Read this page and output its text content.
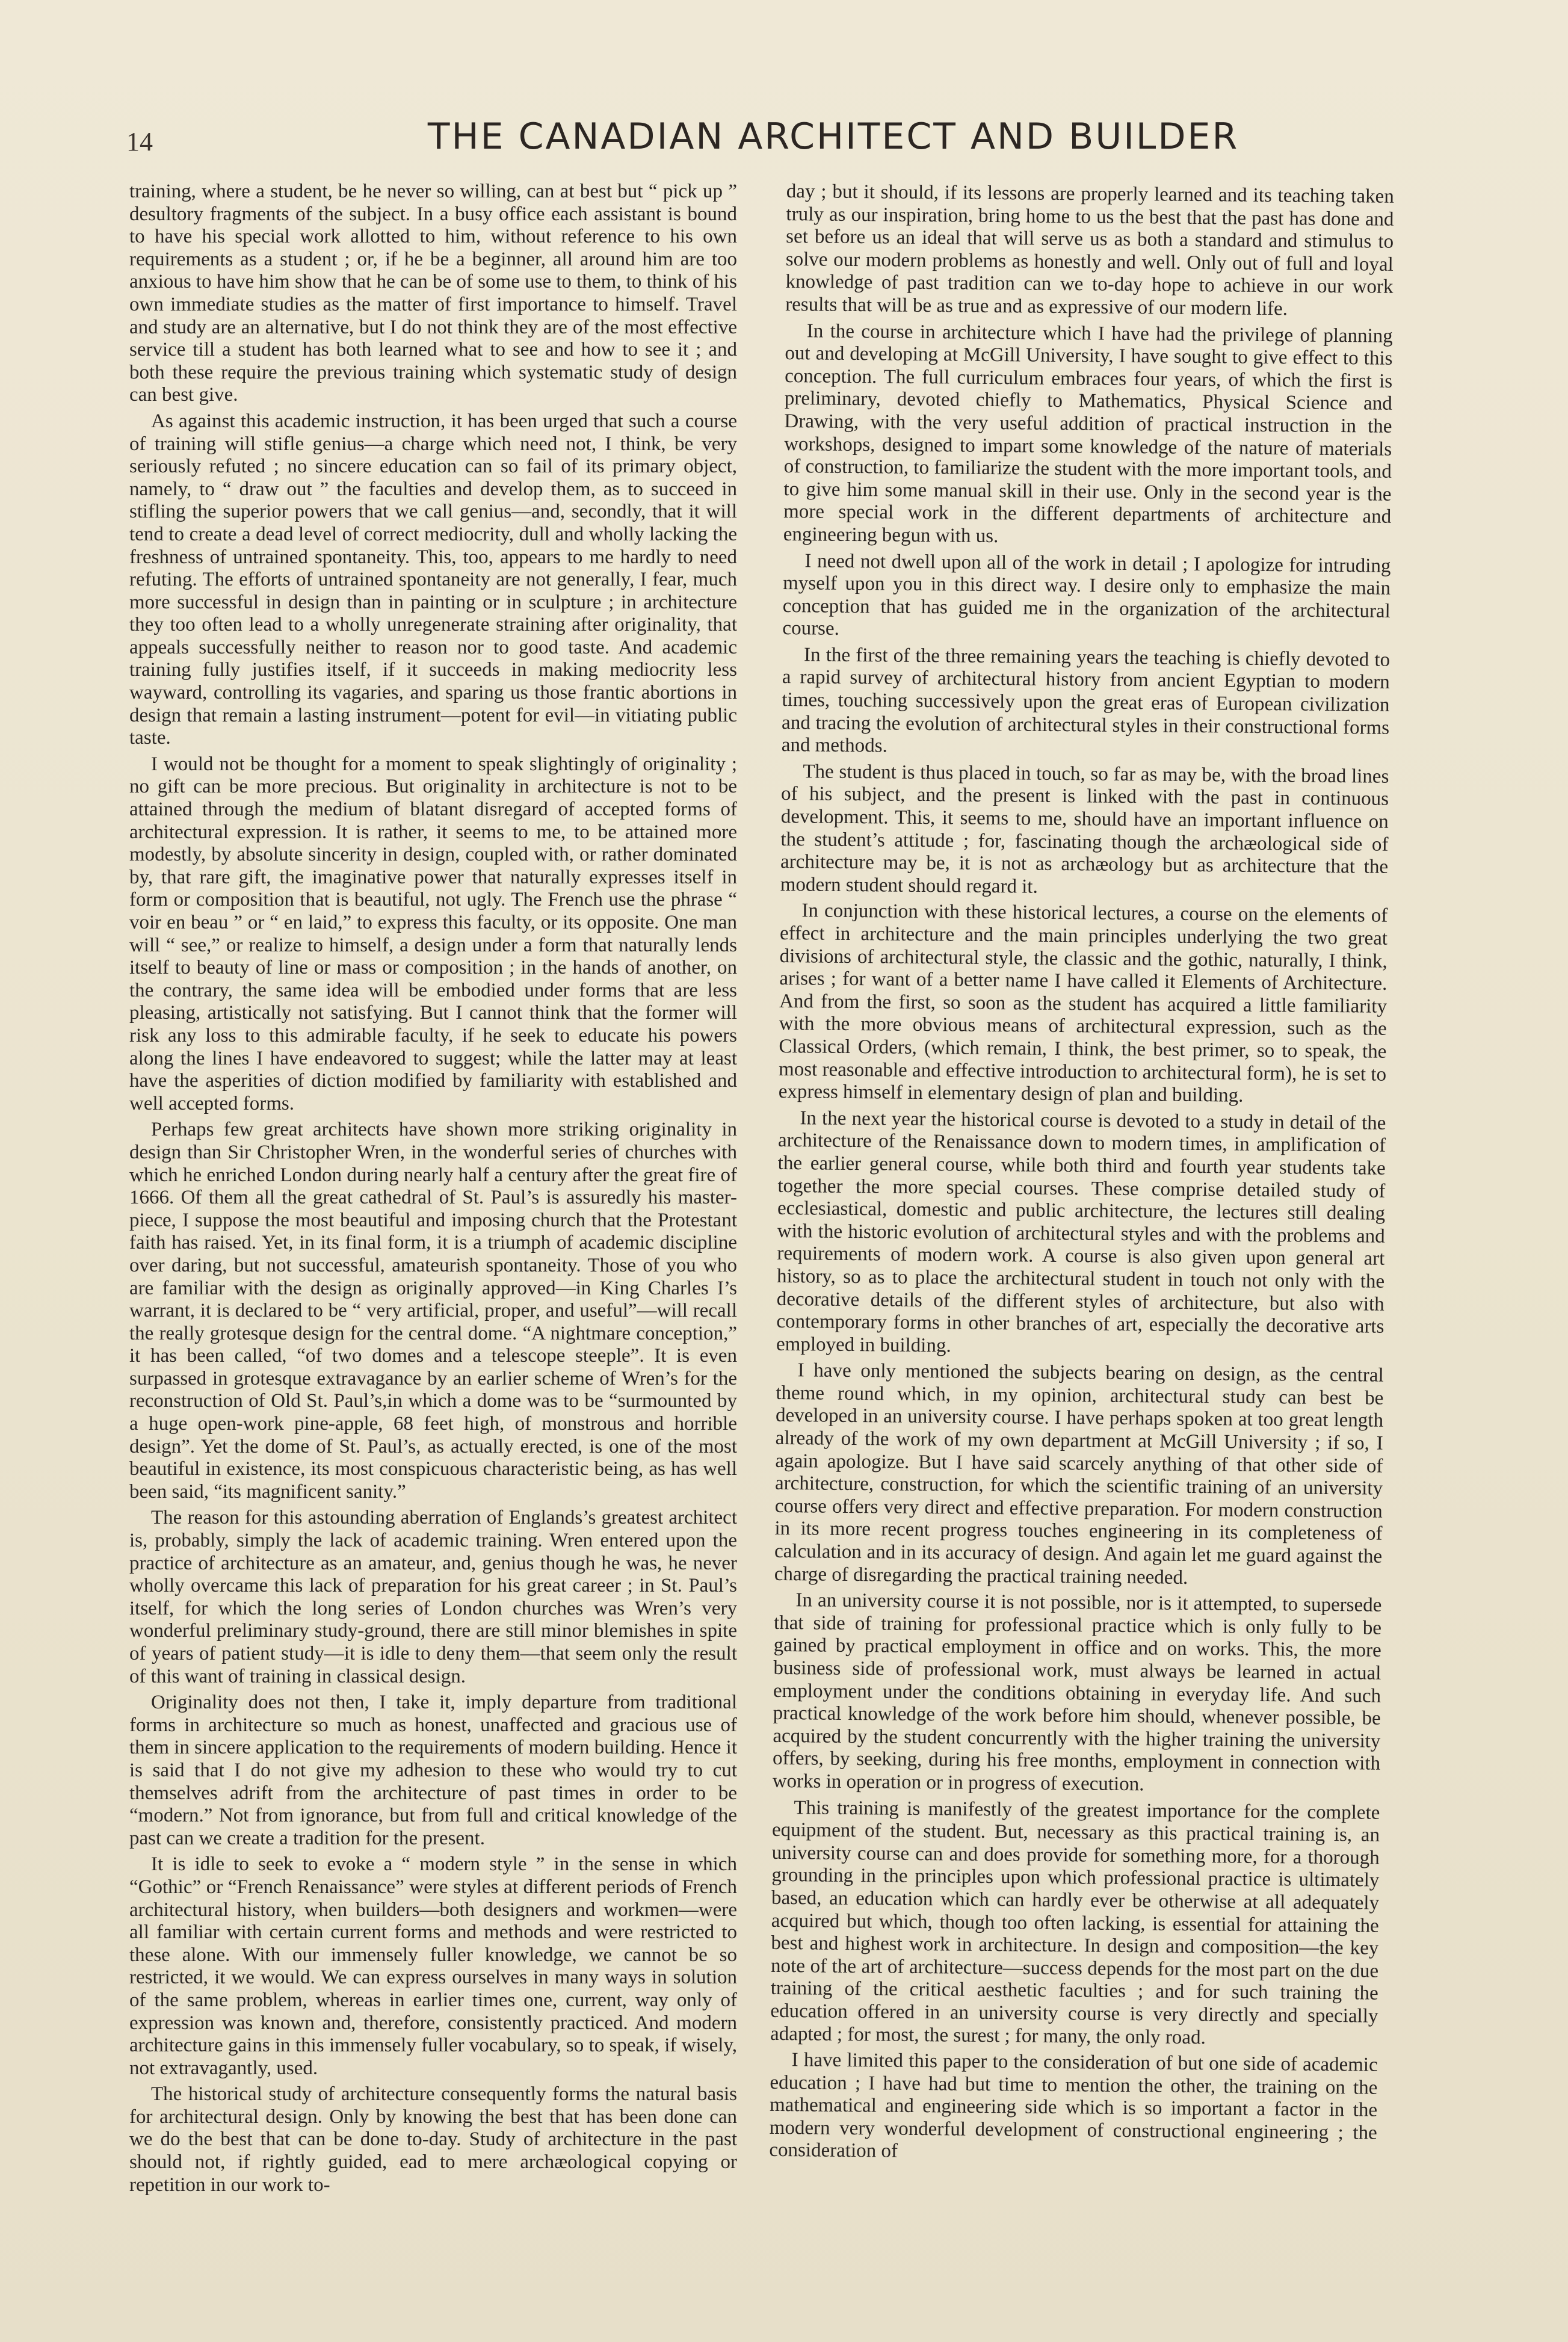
14	THE CANADIAN ARCHITECT AND BUILDER

training, where a student, be he never so willing, can at best but “ pick up ” desultory fragments of the subject. In a busy office each assistant is bound to have his special work allotted to him, without reference to his own requirements as a student ; or, if he be a beginner, all around him are too anxious to have him show that he can be of some use to them, to think of his own immediate studies as the matter of first importance to himself. Travel and study are an alternative, but I do not think they are of the most effective service till a student has both learned what to see and how to see it ; and both these require the previous training which systematic study of design can best give.

As against this academic instruction, it has been urged that such a course of training will stifle genius—a charge which need not, I think, be very seriously refuted ; no sincere education can so fail of its primary object, namely, to “ draw out ” the faculties and develop them, as to succeed in stifling the superior powers that we call genius—and, secondly, that it will tend to create a dead level of correct mediocrity, dull and wholly lacking the freshness of untrained spontaneity. This, too, appears to me hardly to need refuting. The efforts of untrained spontaneity are not generally, I fear, much more successful in design than in painting or in sculpture ; in architecture they too often lead to a wholly unregenerate straining after originality, that appeals successfully neither to reason nor to good taste. And academic training fully justifies itself, if it succeeds in making mediocrity less wayward, controlling its vagaries, and sparing us those frantic abortions in design that remain a lasting instrument—potent for evil—in vitiating public taste.

I would not be thought for a moment to speak slightingly of originality ; no gift can be more precious. But originality in architecture is not to be attained through the medium of blatant disregard of accepted forms of architectural expression. It is rather, it seems to me, to be attained more modestly, by absolute sincerity in design, coupled with, or rather dominated by, that rare gift, the imaginative power that naturally expresses itself in form or composition that is beautiful, not ugly. The French use the phrase “ voir en beau ” or “ en laid,” to express this faculty, or its opposite. One man will “ see,” or realize to himself, a design under a form that naturally lends itself to beauty of line or mass or composition ; in the hands of another, on the contrary, the same idea will be embodied under forms that are less pleasing, artistically not satisfying. But I cannot think that the former will risk any loss to this admirable faculty, if he seek to educate his powers along the lines I have endeavored to suggest; while the latter may at least have the asperities of diction modified by familiarity with established and well accepted forms.

Perhaps few great architects have shown more striking originality in design than Sir Christopher Wren, in the wonderful series of churches with which he enriched London during nearly half a century after the great fire of 1666. Of them all the great cathedral of St. Paul’s is assuredly his master-piece, I suppose the most beautiful and imposing church that the Protestant faith has raised. Yet, in its final form, it is a triumph of academic discipline over daring, but not successful, amateurish spontaneity. Those of you who are familiar with the design as originally approved—in King Charles I’s warrant, it is declared to be “ very artificial, proper, and useful”—will recall the really grotesque design for the central dome. “A nightmare conception,” it has been called, “of two domes and a telescope steeple”. It is even surpassed in grotesque extravagance by an earlier scheme of Wren’s for the reconstruction of Old St. Paul’s,in which a dome was to be “surmounted by a huge open-work pine-apple, 68 feet high, of monstrous and horrible design”. Yet the dome of St. Paul’s, as actually erected, is one of the most beautiful in existence, its most conspicuous characteristic being, as has well been said, “its magnificent sanity.”

The reason for this astounding aberration of Englands’s greatest architect is, probably, simply the lack of academic training. Wren entered upon the practice of architecture as an amateur, and, genius though he was, he never wholly overcame this lack of preparation for his great career ; in St. Paul’s itself, for which the long series of London churches was Wren’s very wonderful preliminary study-ground, there are still minor blemishes in spite of years of patient study—it is idle to deny them—that seem only the result of this want of training in classical design.

Originality does not then, I take it, imply departure from traditional forms in architecture so much as honest, unaffected and gracious use of them in sincere application to the requirements of modern building. Hence it is said that I do not give my adhesion to these who would try to cut themselves adrift from the architecture of past times in order to be “modern.” Not from ignorance, but from full and critical knowledge of the past can we create a tradition for the present.

It is idle to seek to evoke a “ modern style ” in the sense in which “Gothic” or “French Renaissance” were styles at different periods of French architectural history, when builders—both designers and workmen—were all familiar with certain current forms and methods and were restricted to these alone. With our immensely fuller knowledge, we cannot be so restricted, it we would. We can express ourselves in many ways in solution of the same problem, whereas in earlier times one, current, way only of expression was known and, therefore, consistently practiced. And modern architecture gains in this immensely fuller vocabulary, so to speak, if wisely, not extravagantly, used.

The historical study of architecture consequently forms the natural basis for architectural design. Only by knowing the best that has been done can we do the best that can be done to-day. Study of architecture in the past should not, if rightly guided, ead to mere archæological copying or repetition in our work to-

day ; but it should, if its lessons are properly learned and its teaching taken truly as our inspiration, bring home to us the best that the past has done and set before us an ideal that will serve us as both a standard and stimulus to solve our modern problems as honestly and well. Only out of full and loyal knowledge of past tradition can we to-day hope to achieve in our work results that will be as true and as expressive of our modern life.

In the course in architecture which I have had the privilege of planning out and developing at McGill University, I have sought to give effect to this conception. The full curriculum embraces four years, of which the first is preliminary, devoted chiefly to Mathematics, Physical Science and Drawing, with the very useful addition of practical instruction in the workshops, designed to impart some knowledge of the nature of materials of construction, to familiarize the student with the more important tools, and to give him some manual skill in their use. Only in the second year is the more special work in the different departments of architecture and engineering begun with us.

I need not dwell upon all of the work in detail ; I apologize for intruding myself upon you in this direct way. I desire only to emphasize the main conception that has guided me in the organization of the architectural course.

In the first of the three remaining years the teaching is chiefly devoted to a rapid survey of architectural history from ancient Egyptian to modern times, touching successively upon the great eras of European civilization and tracing the evolution of architectural styles in their constructional forms and methods.

The student is thus placed in touch, so far as may be, with the broad lines of his subject, and the present is linked with the past in continuous development. This, it seems to me, should have an important influence on the student’s attitude ; for, fascinating though the archæological side of architecture may be, it is not as archæology but as architecture that the modern student should regard it.

In conjunction with these historical lectures, a course on the elements of effect in architecture and the main principles underlying the two great divisions of architectural style, the classic and the gothic, naturally, I think, arises ; for want of a better name I have called it Elements of Architecture. And from the first, so soon as the student has acquired a little familiarity with the more obvious means of architectural expression, such as the Classical Orders, (which remain, I think, the best primer, so to speak, the most reasonable and effective introduction to architectural form), he is set to express himself in elementary design of plan and building.

In the next year the historical course is devoted to a study in detail of the architecture of the Renaissance down to modern times, in amplification of the earlier general course, while both third and fourth year students take together the more special courses. These comprise detailed study of ecclesiastical, domestic and public architecture, the lectures still dealing with the historic evolution of architectural styles and with the problems and requirements of modern work. A course is also given upon general art history, so as to place the architectural student in touch not only with the decorative details of the different styles of architecture, but also with contemporary forms in other branches of art, especially the decorative arts employed in building.

I have only mentioned the subjects bearing on design, as the central theme round which, in my opinion, architectural study can best be developed in an university course. I have perhaps spoken at too great length already of the work of my own department at McGill University ; if so, I again apologize. But I have said scarcely anything of that other side of architecture, construction, for which the scientific training of an university course offers very direct and effective preparation. For modern construction in its more recent progress touches engineering in its completeness of calculation and in its accuracy of design. And again let me guard against the charge of disregarding the practical training needed.

In an university course it is not possible, nor is it attempted, to supersede that side of training for professional practice which is only fully to be gained by practical employment in office and on works. This, the more business side of professional work, must always be learned in actual employment under the conditions obtaining in everyday life. And such practical knowledge of the work before him should, whenever possible, be acquired by the student concurrently with the higher training the university offers, by seeking, during his free months, employment in connection with works in operation or in progress of execution.

This training is manifestly of the greatest importance for the complete equipment of the student. But, necessary as this practical training is, an university course can and does provide for something more, for a thorough grounding in the principles upon which professional practice is ultimately based, an education which can hardly ever be otherwise at all adequately acquired but which, though too often lacking, is essential for attaining the best and highest work in architecture. In design and composition—the key note of the art of architecture—success depends for the most part on the due training of the critical aesthetic faculties ; and for such training the education offered in an university course is very directly and specially adapted ; for most, the surest ; for many, the only road.

I have limited this paper to the consideration of but one side of academic education ; I have had but time to mention the other, the training on the mathematical and engineering side which is so important a factor in the modern very wonderful development of constructional engineering ; the consideration of
